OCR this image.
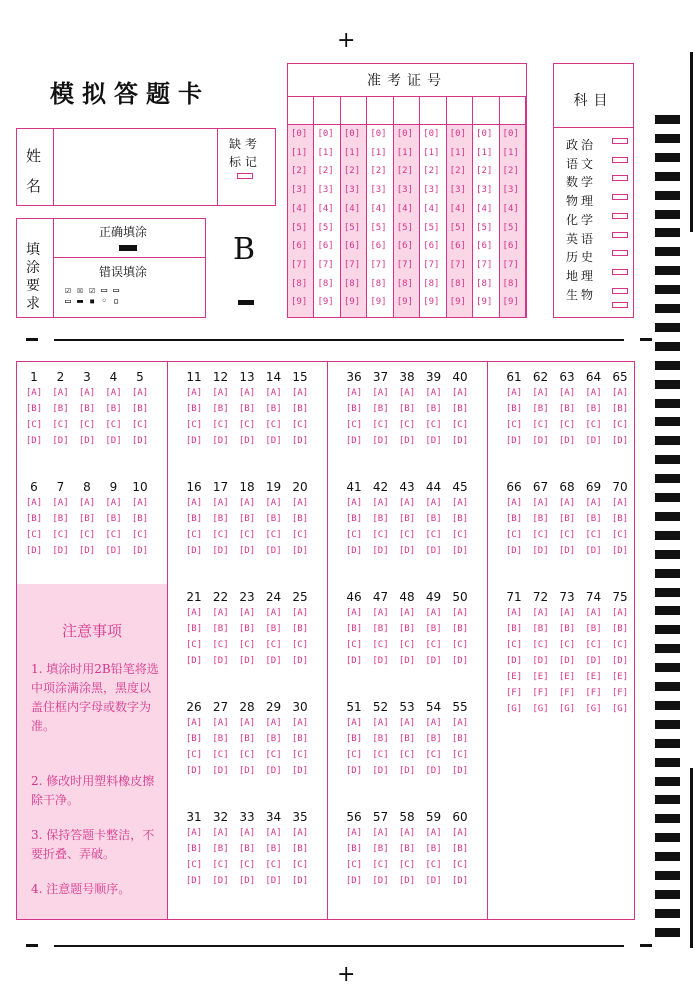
+
+
模拟答题卡
姓
名
缺 考
标 记
填
涂
要
求
正确填涂
错误填涂
☑ ☒ ☑ ▭ ▭
▭ ▬ ▪ ◦ ▫
B
准考证号
[0]
[1]
[2]
[3]
[4]
[5]
[6]
[7]
[8]
[9]
[0]
[1]
[2]
[3]
[4]
[5]
[6]
[7]
[8]
[9]
[0]
[1]
[2]
[3]
[4]
[5]
[6]
[7]
[8]
[9]
[0]
[1]
[2]
[3]
[4]
[5]
[6]
[7]
[8]
[9]
[0]
[1]
[2]
[3]
[4]
[5]
[6]
[7]
[8]
[9]
[0]
[1]
[2]
[3]
[4]
[5]
[6]
[7]
[8]
[9]
[0]
[1]
[2]
[3]
[4]
[5]
[6]
[7]
[8]
[9]
[0]
[1]
[2]
[3]
[4]
[5]
[6]
[7]
[8]
[9]
[0]
[1]
[2]
[3]
[4]
[5]
[6]
[7]
[8]
[9]
科目
政治
语文
数学
物理
化学
英语
历史
地理
生物
注意事项
1. 填涂时用2B铅笔将选中项涂满涂黑，黑度以盖住框内字母或数字为准。
2. 修改时用塑料橡皮擦除干净。
3. 保持答题卡整洁，不要折叠、弄破。
4. 注意题号顺序。
1
[A]
[B]
[C]
[D]
2
[A]
[B]
[C]
[D]
3
[A]
[B]
[C]
[D]
4
[A]
[B]
[C]
[D]
5
[A]
[B]
[C]
[D]
6
[A]
[B]
[C]
[D]
7
[A]
[B]
[C]
[D]
8
[A]
[B]
[C]
[D]
9
[A]
[B]
[C]
[D]
10
[A]
[B]
[C]
[D]
11
[A]
[B]
[C]
[D]
12
[A]
[B]
[C]
[D]
13
[A]
[B]
[C]
[D]
14
[A]
[B]
[C]
[D]
15
[A]
[B]
[C]
[D]
16
[A]
[B]
[C]
[D]
17
[A]
[B]
[C]
[D]
18
[A]
[B]
[C]
[D]
19
[A]
[B]
[C]
[D]
20
[A]
[B]
[C]
[D]
21
[A]
[B]
[C]
[D]
22
[A]
[B]
[C]
[D]
23
[A]
[B]
[C]
[D]
24
[A]
[B]
[C]
[D]
25
[A]
[B]
[C]
[D]
26
[A]
[B]
[C]
[D]
27
[A]
[B]
[C]
[D]
28
[A]
[B]
[C]
[D]
29
[A]
[B]
[C]
[D]
30
[A]
[B]
[C]
[D]
31
[A]
[B]
[C]
[D]
32
[A]
[B]
[C]
[D]
33
[A]
[B]
[C]
[D]
34
[A]
[B]
[C]
[D]
35
[A]
[B]
[C]
[D]
36
[A]
[B]
[C]
[D]
37
[A]
[B]
[C]
[D]
38
[A]
[B]
[C]
[D]
39
[A]
[B]
[C]
[D]
40
[A]
[B]
[C]
[D]
41
[A]
[B]
[C]
[D]
42
[A]
[B]
[C]
[D]
43
[A]
[B]
[C]
[D]
44
[A]
[B]
[C]
[D]
45
[A]
[B]
[C]
[D]
46
[A]
[B]
[C]
[D]
47
[A]
[B]
[C]
[D]
48
[A]
[B]
[C]
[D]
49
[A]
[B]
[C]
[D]
50
[A]
[B]
[C]
[D]
51
[A]
[B]
[C]
[D]
52
[A]
[B]
[C]
[D]
53
[A]
[B]
[C]
[D]
54
[A]
[B]
[C]
[D]
55
[A]
[B]
[C]
[D]
56
[A]
[B]
[C]
[D]
57
[A]
[B]
[C]
[D]
58
[A]
[B]
[C]
[D]
59
[A]
[B]
[C]
[D]
60
[A]
[B]
[C]
[D]
61
[A]
[B]
[C]
[D]
62
[A]
[B]
[C]
[D]
63
[A]
[B]
[C]
[D]
64
[A]
[B]
[C]
[D]
65
[A]
[B]
[C]
[D]
66
[A]
[B]
[C]
[D]
67
[A]
[B]
[C]
[D]
68
[A]
[B]
[C]
[D]
69
[A]
[B]
[C]
[D]
70
[A]
[B]
[C]
[D]
71
[A]
[B]
[C]
[D]
[E]
[F]
[G]
72
[A]
[B]
[C]
[D]
[E]
[F]
[G]
73
[A]
[B]
[C]
[D]
[E]
[F]
[G]
74
[A]
[B]
[C]
[D]
[E]
[F]
[G]
75
[A]
[B]
[C]
[D]
[E]
[F]
[G]
